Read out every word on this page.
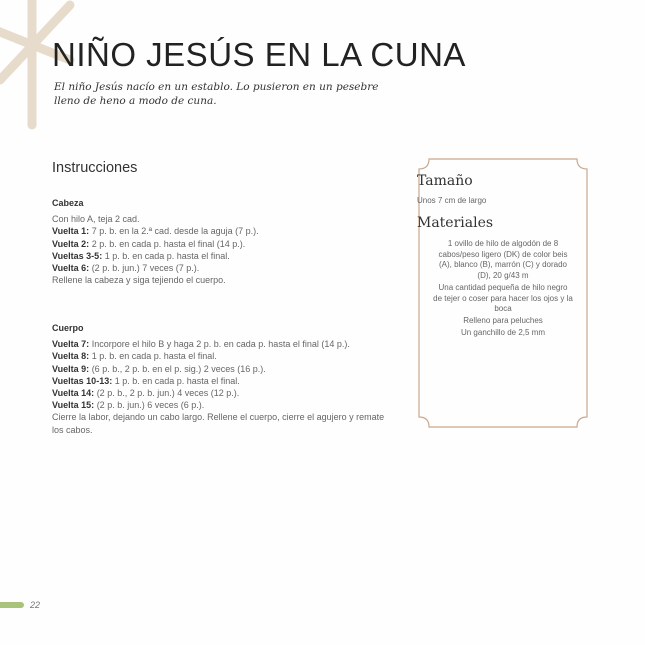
NIÑO JESÚS EN LA CUNA
El niño Jesús nacío en un establo. Lo pusieron en un pesebre lleno de heno a modo de cuna.
Instrucciones
Cabeza
Con hilo A, teja 2 cad.
Vuelta 1: 7 p. b. en la 2.ª cad. desde la aguja (7 p.).
Vuelta 2: 2 p. b. en cada p. hasta el final (14 p.).
Vueltas 3-5: 1 p. b. en cada p. hasta el final.
Vuelta 6: (2 p. b. jun.) 7 veces (7 p.).
Rellene la cabeza y siga tejiendo el cuerpo.
Cuerpo
Vuelta 7: Incorpore el hilo B y haga 2 p. b. en cada p. hasta el final (14 p.).
Vuelta 8: 1 p. b. en cada p. hasta el final.
Vuelta 9: (6 p. b., 2 p. b. en el p. sig.) 2 veces (16 p.).
Vueltas 10-13: 1 p. b. en cada p. hasta el final.
Vuelta 14: (2 p. b., 2 p. b. jun.) 4 veces (12 p.).
Vuelta 15: (2 p. b. jun.) 6 veces (6 p.).
Cierre la labor, dejando un cabo largo. Rellene el cuerpo, cierre el agujero y remate los cabos.
Tamaño
Unos 7 cm de largo
Materiales
1 ovillo de hilo de algodón de 8 cabos/peso ligero (DK) de color beis (A), blanco (B), marrón (C) y dorado (D), 20 g/43 m
Una cantidad pequeña de hilo negro de tejer o coser para hacer los ojos y la boca
Relleno para peluches
Un ganchillo de 2,5 mm
22
